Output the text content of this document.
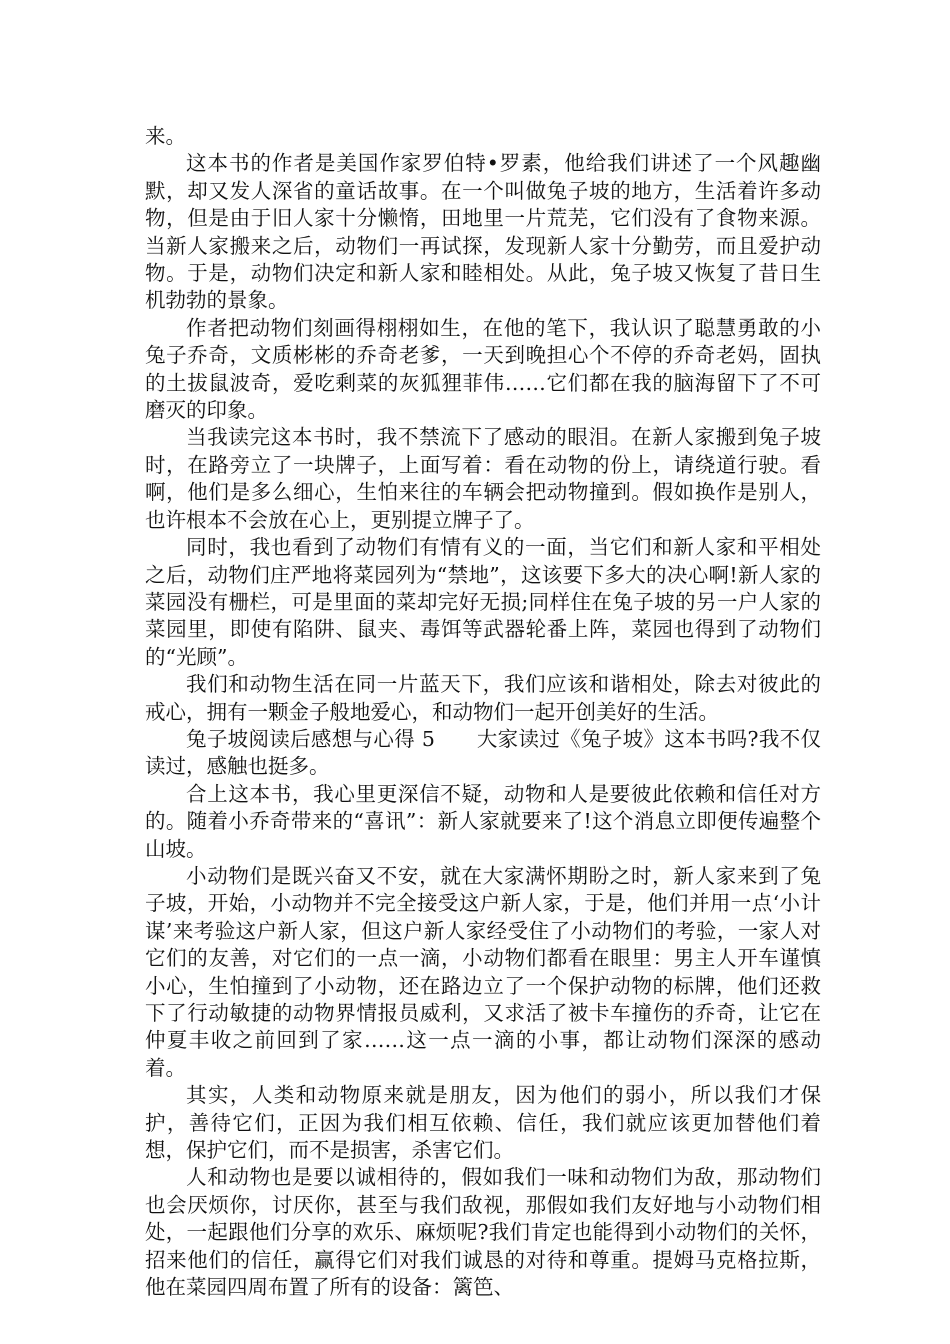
来。

这本书的作者是美国作家罗伯特•罗素，他给我们讲述了一个风趣幽默，却又发人深省的童话故事。在一个叫做兔子坡的地方，生活着许多动物，但是由于旧人家十分懒惰，田地里一片荒芜，它们没有了食物来源。当新人家搬来之后，动物们一再试探，发现新人家十分勤劳，而且爱护动物。于是，动物们决定和新人家和睦相处。从此，兔子坡又恢复了昔日生机勃勃的景象。

作者把动物们刻画得栩栩如生，在他的笔下，我认识了聪慧勇敢的小兔子乔奇，文质彬彬的乔奇老爹，一天到晚担心个不停的乔奇老妈，固执的土拔鼠波奇，爱吃剩菜的灰狐狸菲伟……它们都在我的脑海留下了不可磨灭的印象。

当我读完这本书时，我不禁流下了感动的眼泪。在新人家搬到兔子坡时，在路旁立了一块牌子，上面写着：看在动物的份上，请绕道行驶。看啊，他们是多么细心，生怕来往的车辆会把动物撞到。假如换作是别人，也许根本不会放在心上，更别提立牌子了。

同时，我也看到了动物们有情有义的一面，当它们和新人家和平相处之后，动物们庄严地将菜园列为“禁地”，这该要下多大的决心啊!新人家的菜园没有栅栏，可是里面的菜却完好无损;同样住在兔子坡的另一户人家的菜园里，即使有陷阱、鼠夹、毒饵等武器轮番上阵，菜园也得到了动物们的“光顾”。

我们和动物生活在同一片蓝天下，我们应该和谐相处，除去对彼此的戒心，拥有一颗金子般地爱心，和动物们一起开创美好的生活。

兔子坡阅读后感想与心得 5　　大家读过《兔子坡》这本书吗?我不仅读过，感触也挺多。

合上这本书，我心里更深信不疑，动物和人是要彼此依赖和信任对方的。随着小乔奇带来的“喜讯”：新人家就要来了!这个消息立即便传遍整个山坡。

小动物们是既兴奋又不安，就在大家满怀期盼之时，新人家来到了兔子坡，开始，小动物并不完全接受这户新人家，于是，他们并用一点‘小计谋’来考验这户新人家，但这户新人家经受住了小动物们的考验，一家人对它们的友善，对它们的一点一滴，小动物们都看在眼里：男主人开车谨慎小心，生怕撞到了小动物，还在路边立了一个保护动物的标牌，他们还救下了行动敏捷的动物界情报员威利，又求活了被卡车撞伤的乔奇，让它在仲夏丰收之前回到了家……这一点一滴的小事，都让动物们深深的感动着。

其实，人类和动物原来就是朋友，因为他们的弱小，所以我们才保护，善待它们，正因为我们相互依赖、信任，我们就应该更加替他们着想，保护它们，而不是损害，杀害它们。

人和动物也是要以诚相待的，假如我们一味和动物们为敌，那动物们也会厌烦你，讨厌你，甚至与我们敌视，那假如我们友好地与小动物们相处，一起跟他们分享的欢乐、麻烦呢?我们肯定也能得到小动物们的关怀，招来他们的信任，赢得它们对我们诚恳的对待和尊重。提姆马克格拉斯，他在菜园四周布置了所有的设备：篱笆、
